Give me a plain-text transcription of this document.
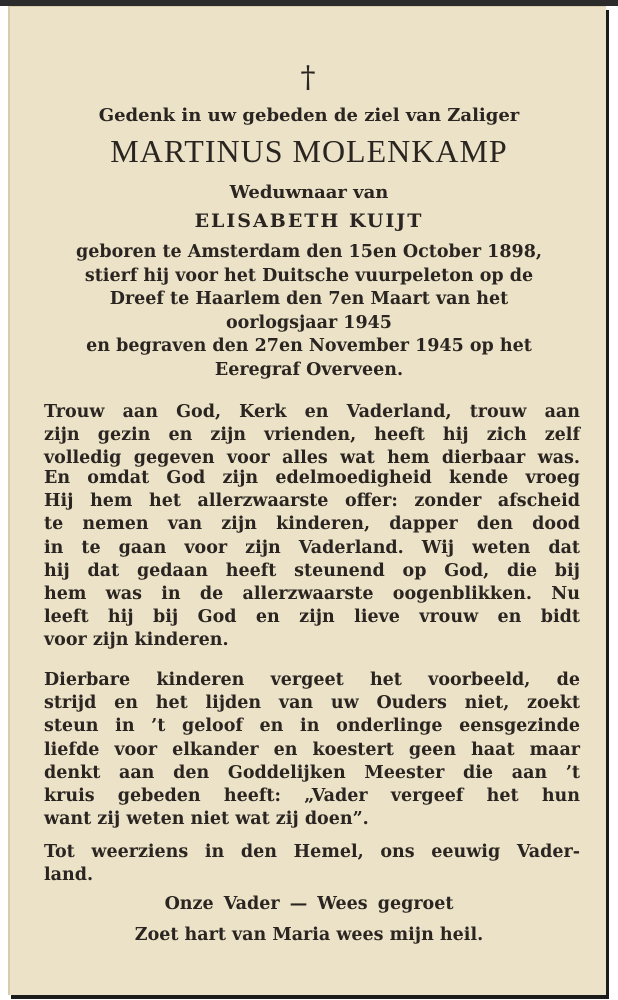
†
Gedenk in uw gebeden de ziel van Zaliger
MARTINUS MOLENKAMP
Weduwnaar van
ELISABETH KUIJT
geboren te Amsterdam den 15en October 1898,
stierf hij voor het Duitsche vuurpeleton op de
Dreef te Haarlem den 7en Maart van het
oorlogsjaar 1945
en begraven den 27en November 1945 op het
Eeregraf Overveen.
Trouw aan God, Kerk en Vaderland, trouw aan
zijn gezin en zijn vrienden, heeft hij zich zelf
volledig gegeven voor alles wat hem dierbaar was.
En omdat God zijn edelmoedigheid kende vroeg
Hij hem het allerzwaarste offer: zonder afscheid
te nemen van zijn kinderen, dapper den dood
in te gaan voor zijn Vaderland. Wij weten dat
hij dat gedaan heeft steunend op God, die bij
hem was in de allerzwaarste oogenblikken. Nu
leeft hij bij God en zijn lieve vrouw en bidt
voor zijn kinderen.
Dierbare kinderen vergeet het voorbeeld, de
strijd en het lijden van uw Ouders niet, zoekt
steun in ’t geloof en in onderlinge eensgezinde
liefde voor elkander en koestert geen haat maar
denkt aan den Goddelijken Meester die aan ’t
kruis gebeden heeft: „Vader vergeef het hun
want zij weten niet wat zij doen”.
Tot weerziens in den Hemel, ons eeuwig Vader-
land.
Onze Vader — Wees gegroet
Zoet hart van Maria wees mijn heil.
